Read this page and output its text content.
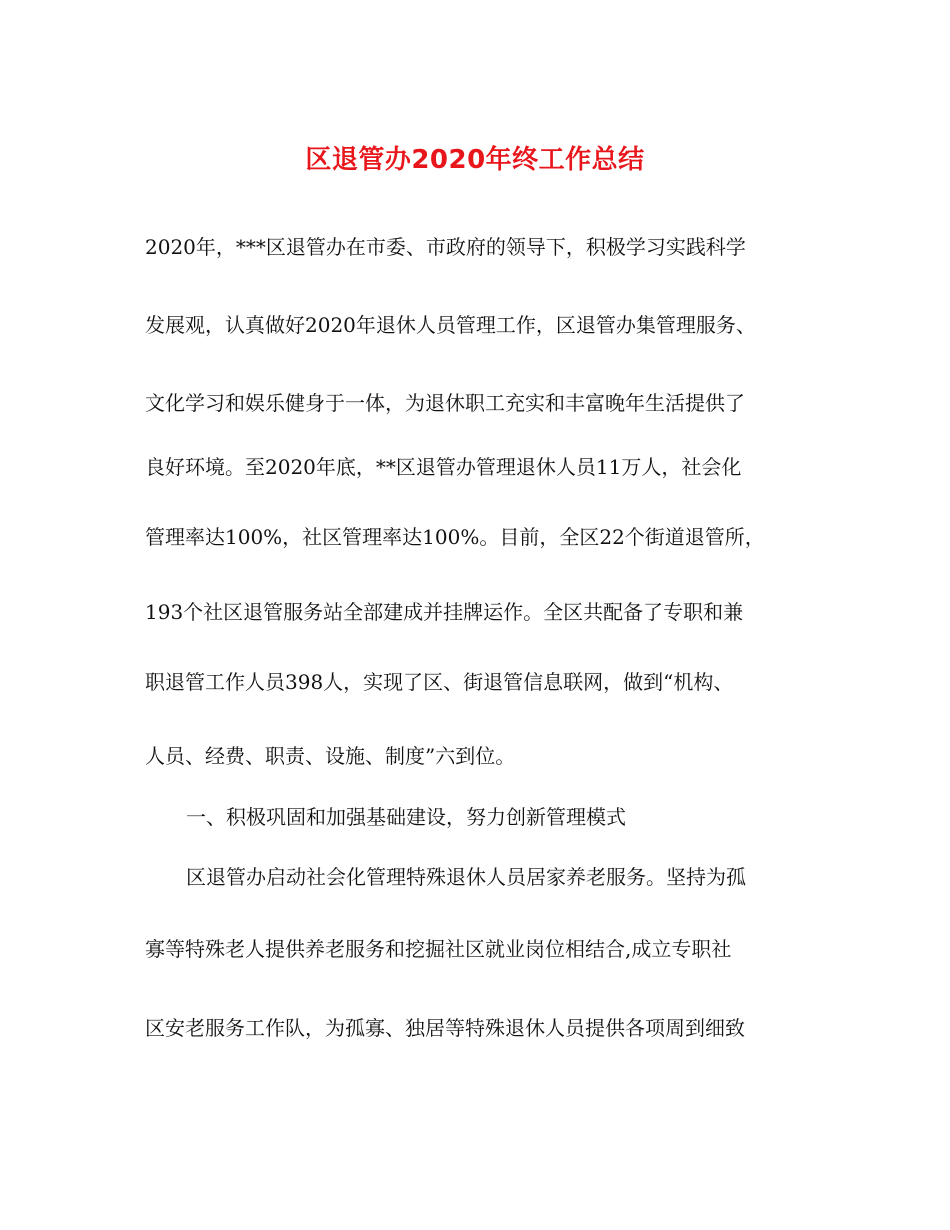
区退管办2020年终工作总结

2020年，***区退管办在市委、市政府的领导下，积极学习实践科学

发展观，认真做好2020年退休人员管理工作，区退管办集管理服务、

文化学习和娱乐健身于一体，为退休职工充实和丰富晚年生活提供了

良好环境。至2020年底，**区退管办管理退休人员11万人，社会化

管理率达100%，社区管理率达100%。目前，全区22个街道退管所，

193个社区退管服务站全部建成并挂牌运作。全区共配备了专职和兼

职退管工作人员398人，实现了区、街退管信息联网，做到“机构、

人员、经费、职责、设施、制度”六到位。

一、积极巩固和加强基础建设，努力创新管理模式

区退管办启动社会化管理特殊退休人员居家养老服务。坚持为孤

寡等特殊老人提供养老服务和挖掘社区就业岗位相结合,成立专职社

区安老服务工作队，为孤寡、独居等特殊退休人员提供各项周到细致
